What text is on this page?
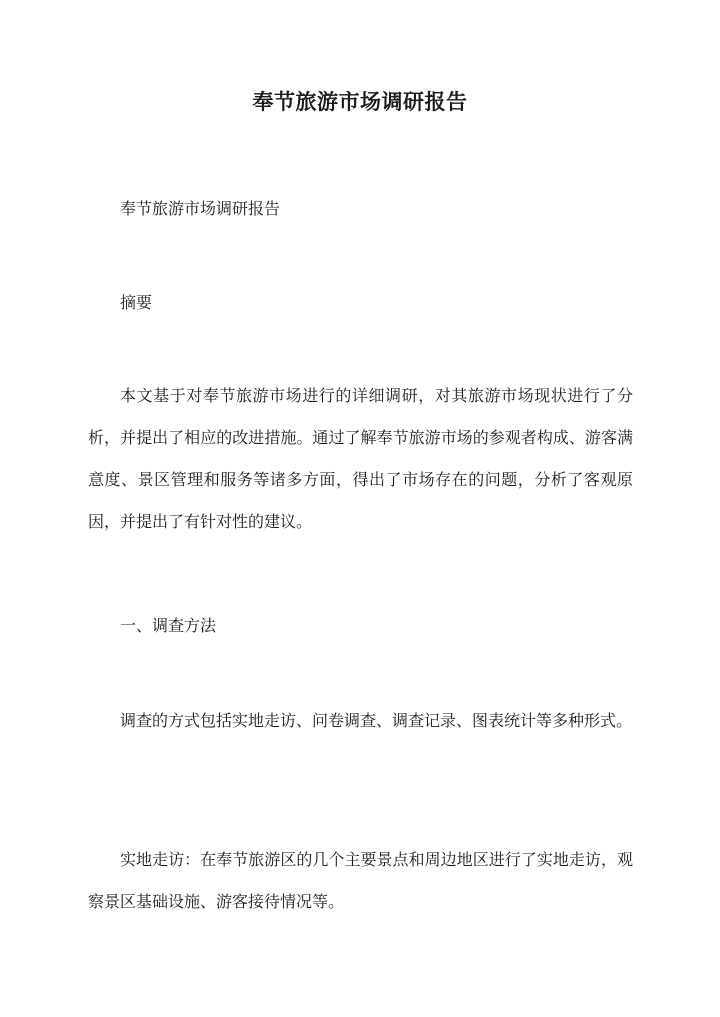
奉节旅游市场调研报告

奉节旅游市场调研报告

摘要

本文基于对奉节旅游市场进行的详细调研，对其旅游市场现状进行了分析，并提出了相应的改进措施。通过了解奉节旅游市场的参观者构成、游客满意度、景区管理和服务等诸多方面，得出了市场存在的问题，分析了客观原因，并提出了有针对性的建议。

一、调查方法

调查的方式包括实地走访、问卷调查、调查记录、图表统计等多种形式。

实地走访：在奉节旅游区的几个主要景点和周边地区进行了实地走访，观察景区基础设施、游客接待情况等。
